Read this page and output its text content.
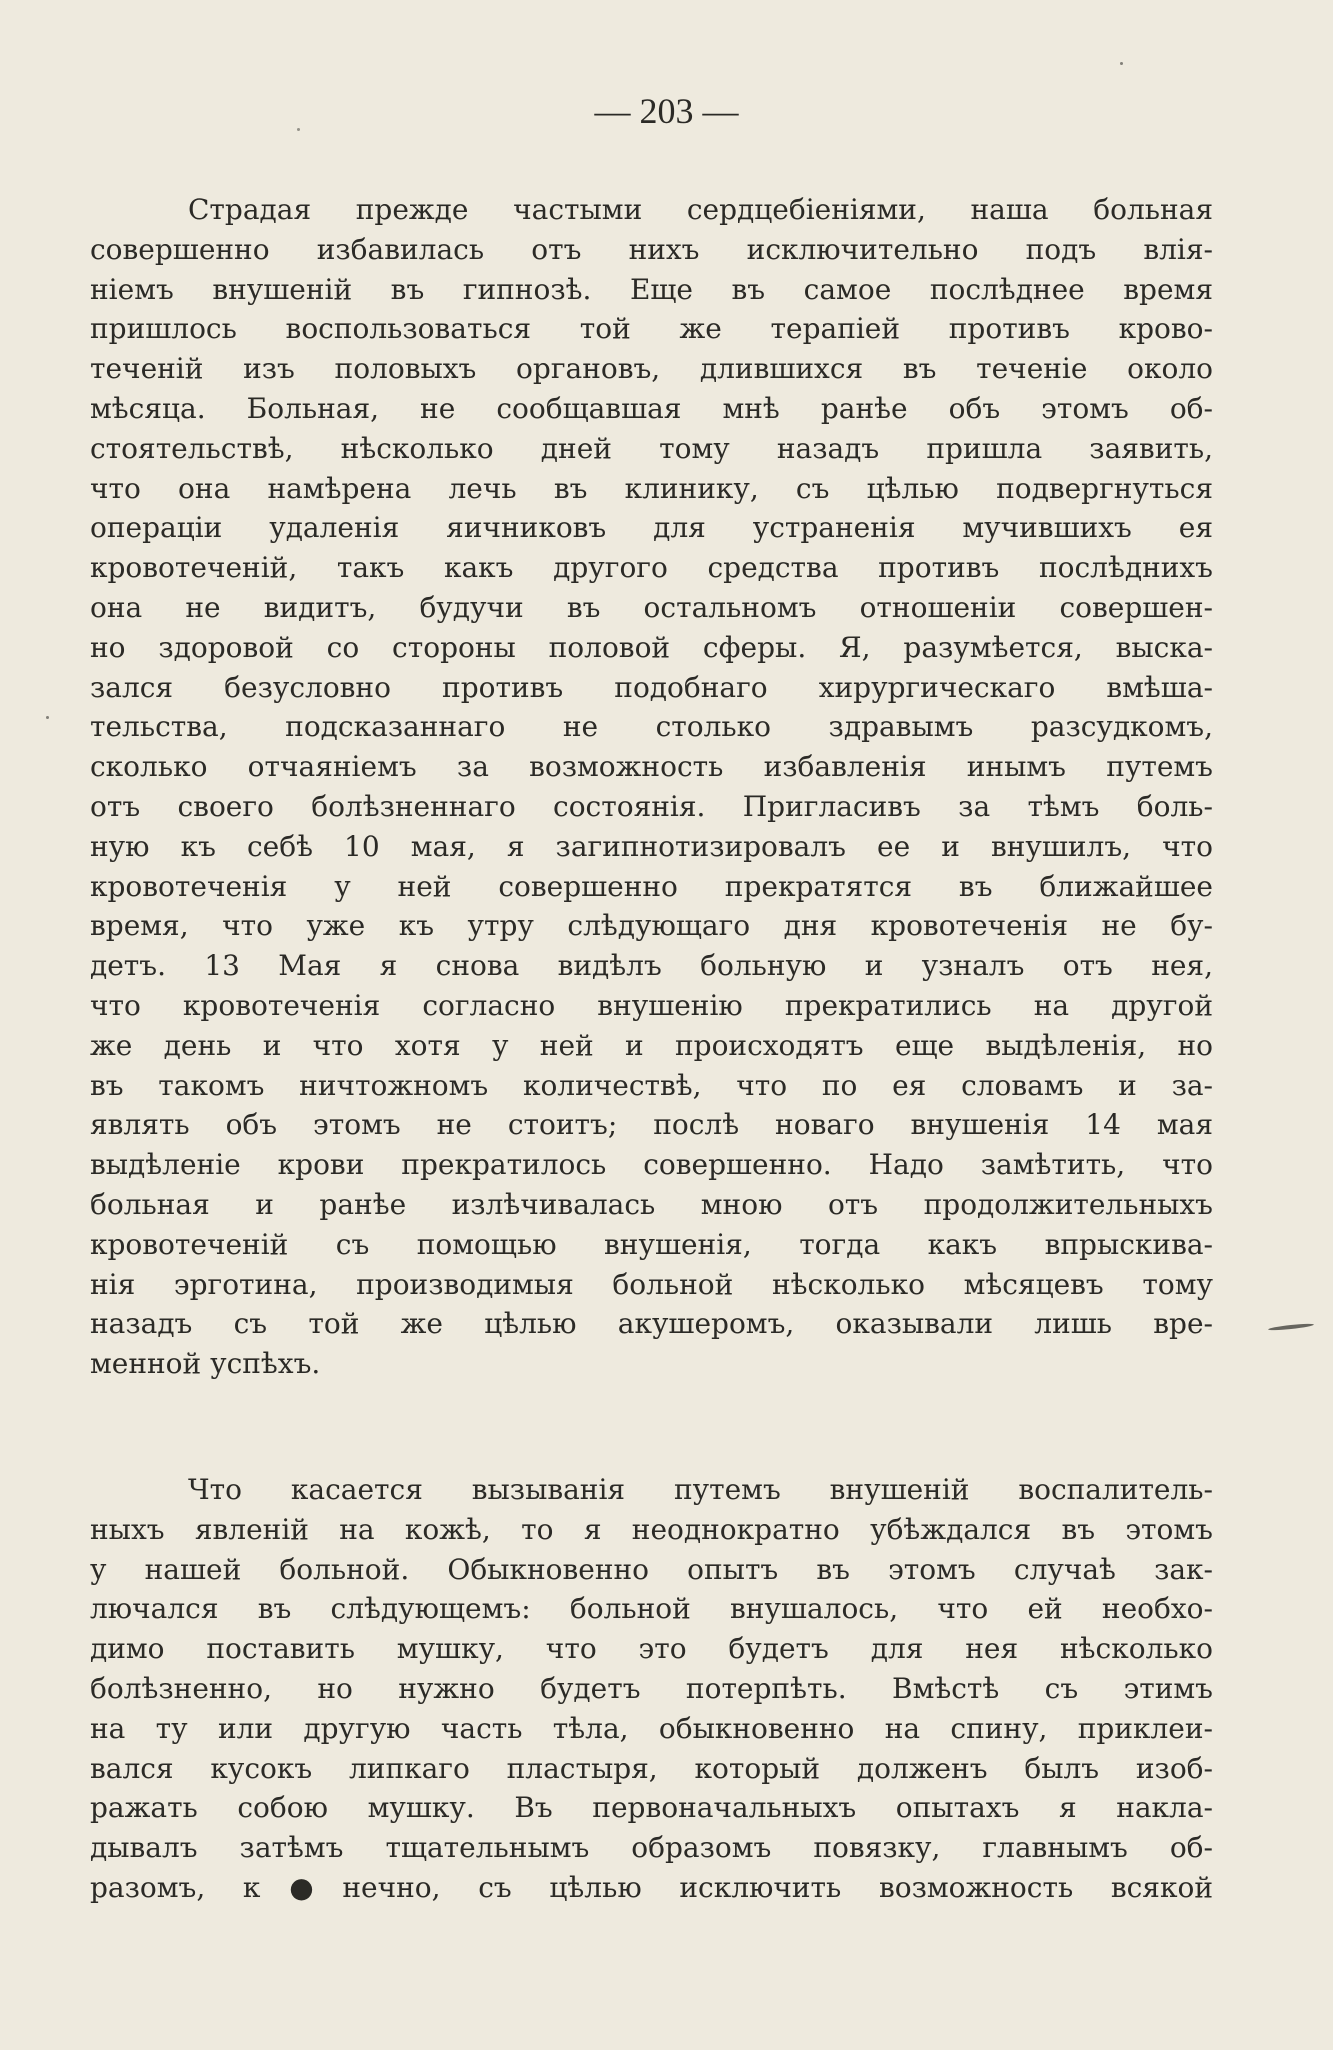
— 203 —

Страдая прежде частыми сердцебіеніями, наша больная
совершенно избавилась отъ нихъ исключительно подъ влія-
ніемъ внушеній въ гипнозѣ. Еще въ самое послѣднее время
пришлось воспользоваться той же терапіей противъ крово-
теченій изъ половыхъ органовъ, длившихся въ теченіе около
мѣсяца. Больная, не сообщавшая мнѣ ранѣе объ этомъ об-
стоятельствѣ, нѣсколько дней тому назадъ пришла заявить,
что она намѣрена лечь въ клинику, съ цѣлью подвергнуться
операціи удаленія яичниковъ для устраненія мучившихъ ея
кровотеченій, такъ какъ другого средства противъ послѣднихъ
она не видитъ, будучи въ остальномъ отношеніи совершен-
но здоровой со стороны половой сферы. Я, разумѣется, выска-
зался безусловно противъ подобнаго хирургическаго вмѣша-
тельства, подсказаннаго не столько здравымъ разсудкомъ,
сколько отчаяніемъ за возможность избавленія инымъ путемъ
отъ своего болѣзненнаго состоянія. Пригласивъ за тѣмъ боль-
ную къ себѣ 10 мая, я загипнотизировалъ ее и внушилъ, что
кровотеченія у ней совершенно прекратятся въ ближайшее
время, что уже къ утру слѣдующаго дня кровотеченія не бу-
детъ. 13 Мая я снова видѣлъ больную и узналъ отъ нея,
что кровотеченія согласно внушенію прекратились на другой
же день и что хотя у ней и происходятъ еще выдѣленія, но
въ такомъ ничтожномъ количествѣ, что по ея словамъ и за-
являть объ этомъ не стоитъ; послѣ новаго внушенія 14 мая
выдѣленіе крови прекратилось совершенно. Надо замѣтить, что
больная и ранѣе излѣчивалась мною отъ продолжительныхъ
кровотеченій съ помощью внушенія, тогда какъ впрыскива-
нія эрготина, производимыя больной нѣсколько мѣсяцевъ тому
назадъ съ той же цѣлью акушеромъ, оказывали лишь вре-
менной успѣхъ.
Что касается вызыванія путемъ внушеній воспалитель-
ныхъ явленій на кожѣ, то я неоднократно убѣждался въ этомъ
у нашей больной. Обыкновенно опытъ въ этомъ случаѣ зак-
лючался въ слѣдующемъ: больной внушалось, что ей необхо-
димо поставить мушку, что это будетъ для нея нѣсколько
болѣзненно, но нужно будетъ потерпѣть. Вмѣстѣ съ этимъ
на ту или другую часть тѣла, обыкновенно на спину, приклеи-
вался кусокъ липкаго пластыря, который долженъ былъ изоб-
ражать собою мушку. Въ первоначальныхъ опытахъ я накла-
дывалъ затѣмъ тщательнымъ образомъ повязку, главнымъ об-
разомъ, к●нечно, съ цѣлью исключить возможность всякой
